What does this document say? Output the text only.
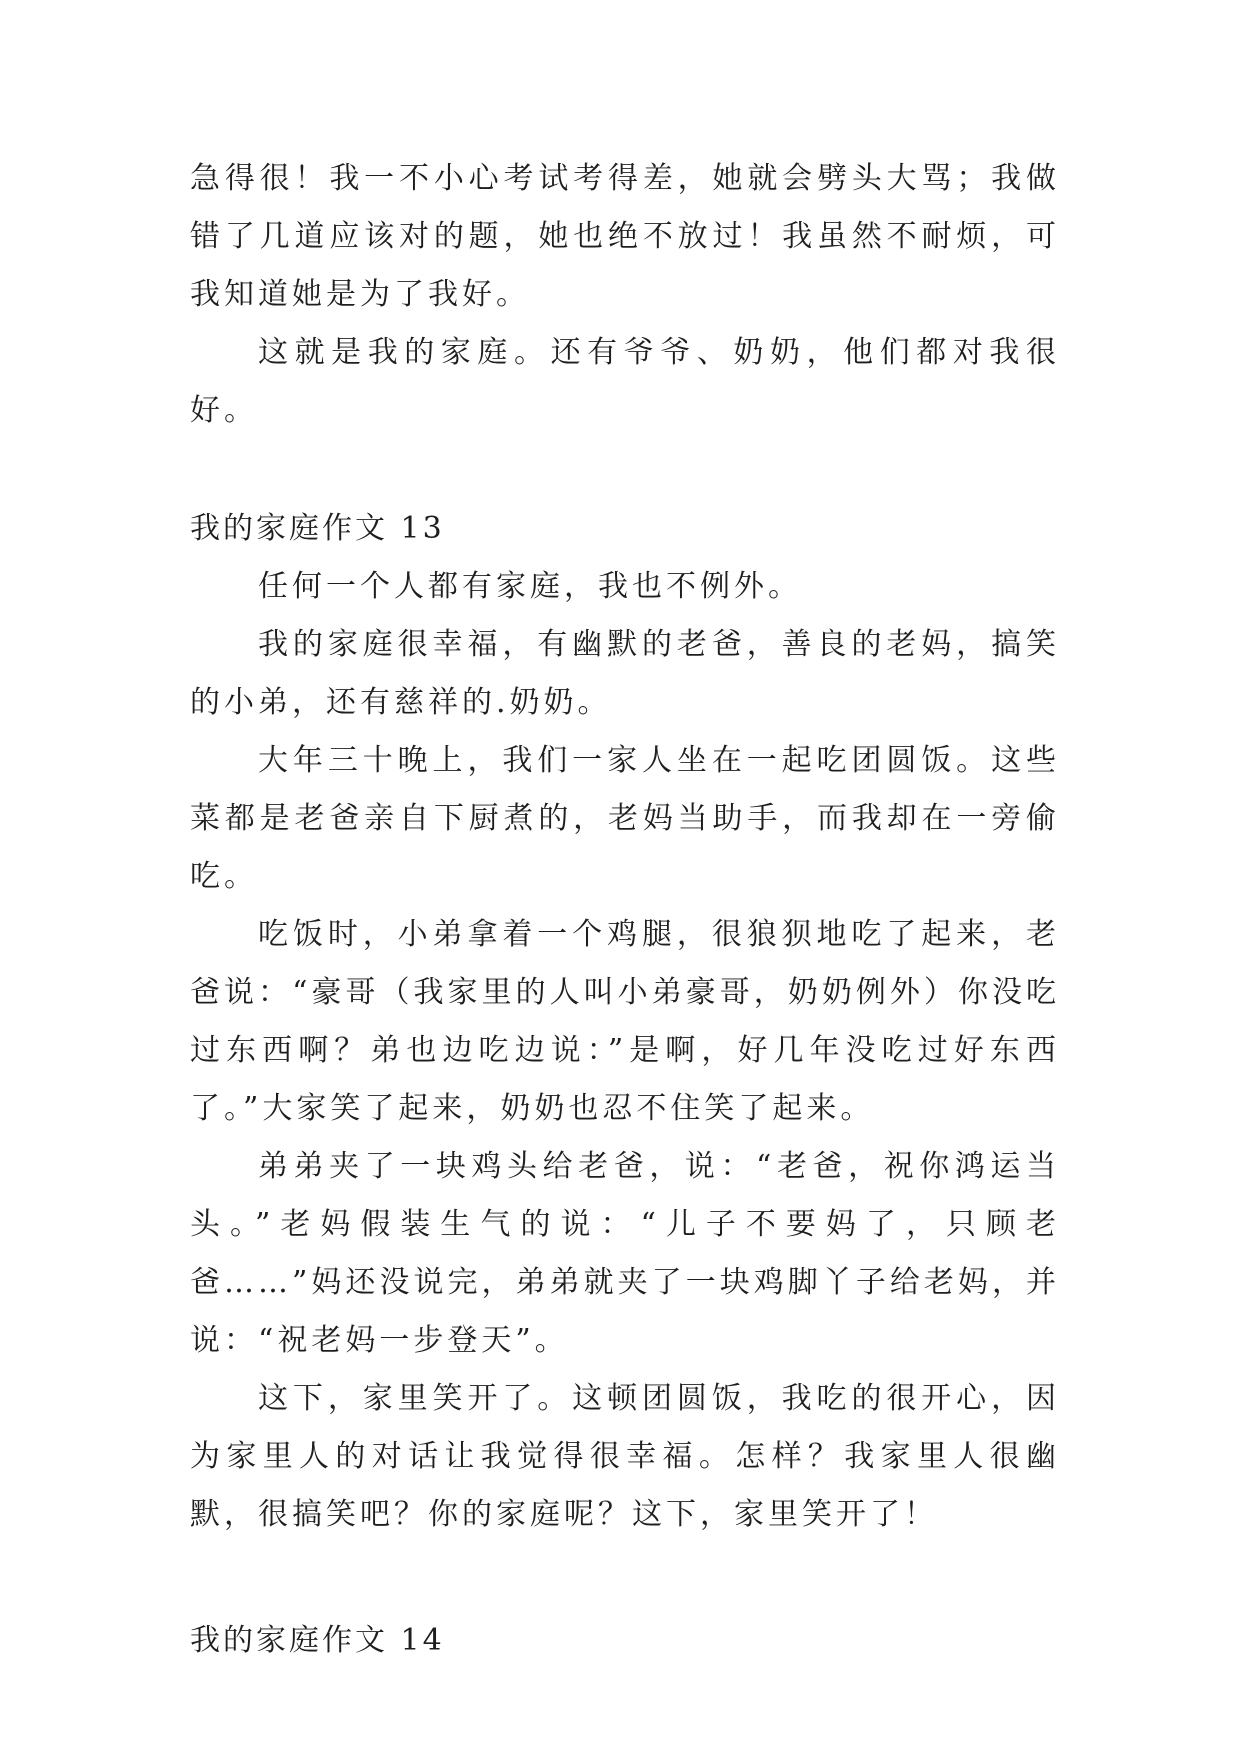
急得很！我一不小心考试考得差，她就会劈头大骂；我做错了几道应该对的题，她也绝不放过！我虽然不耐烦，可我知道她是为了我好。

这就是我的家庭。还有爷爷、奶奶，他们都对我很好。

我的家庭作文 13

任何一个人都有家庭，我也不例外。

我的家庭很幸福，有幽默的老爸，善良的老妈，搞笑的小弟，还有慈祥的.奶奶。

大年三十晚上，我们一家人坐在一起吃团圆饭。这些菜都是老爸亲自下厨煮的，老妈当助手，而我却在一旁偷吃。

吃饭时，小弟拿着一个鸡腿，很狼狈地吃了起来，老爸说：“豪哥（我家里的人叫小弟豪哥，奶奶例外）你没吃过东西啊？弟也边吃边说：”是啊，好几年没吃过好东西了。”大家笑了起来，奶奶也忍不住笑了起来。

弟弟夹了一块鸡头给老爸，说：“老爸，祝你鸿运当头。”老妈假装生气的说：“儿子不要妈了，只顾老爸……”妈还没说完，弟弟就夹了一块鸡脚丫子给老妈，并说：“祝老妈一步登天”。

这下，家里笑开了。这顿团圆饭，我吃的很开心，因为家里人的对话让我觉得很幸福。怎样？我家里人很幽默，很搞笑吧？你的家庭呢？这下，家里笑开了！

我的家庭作文 14
